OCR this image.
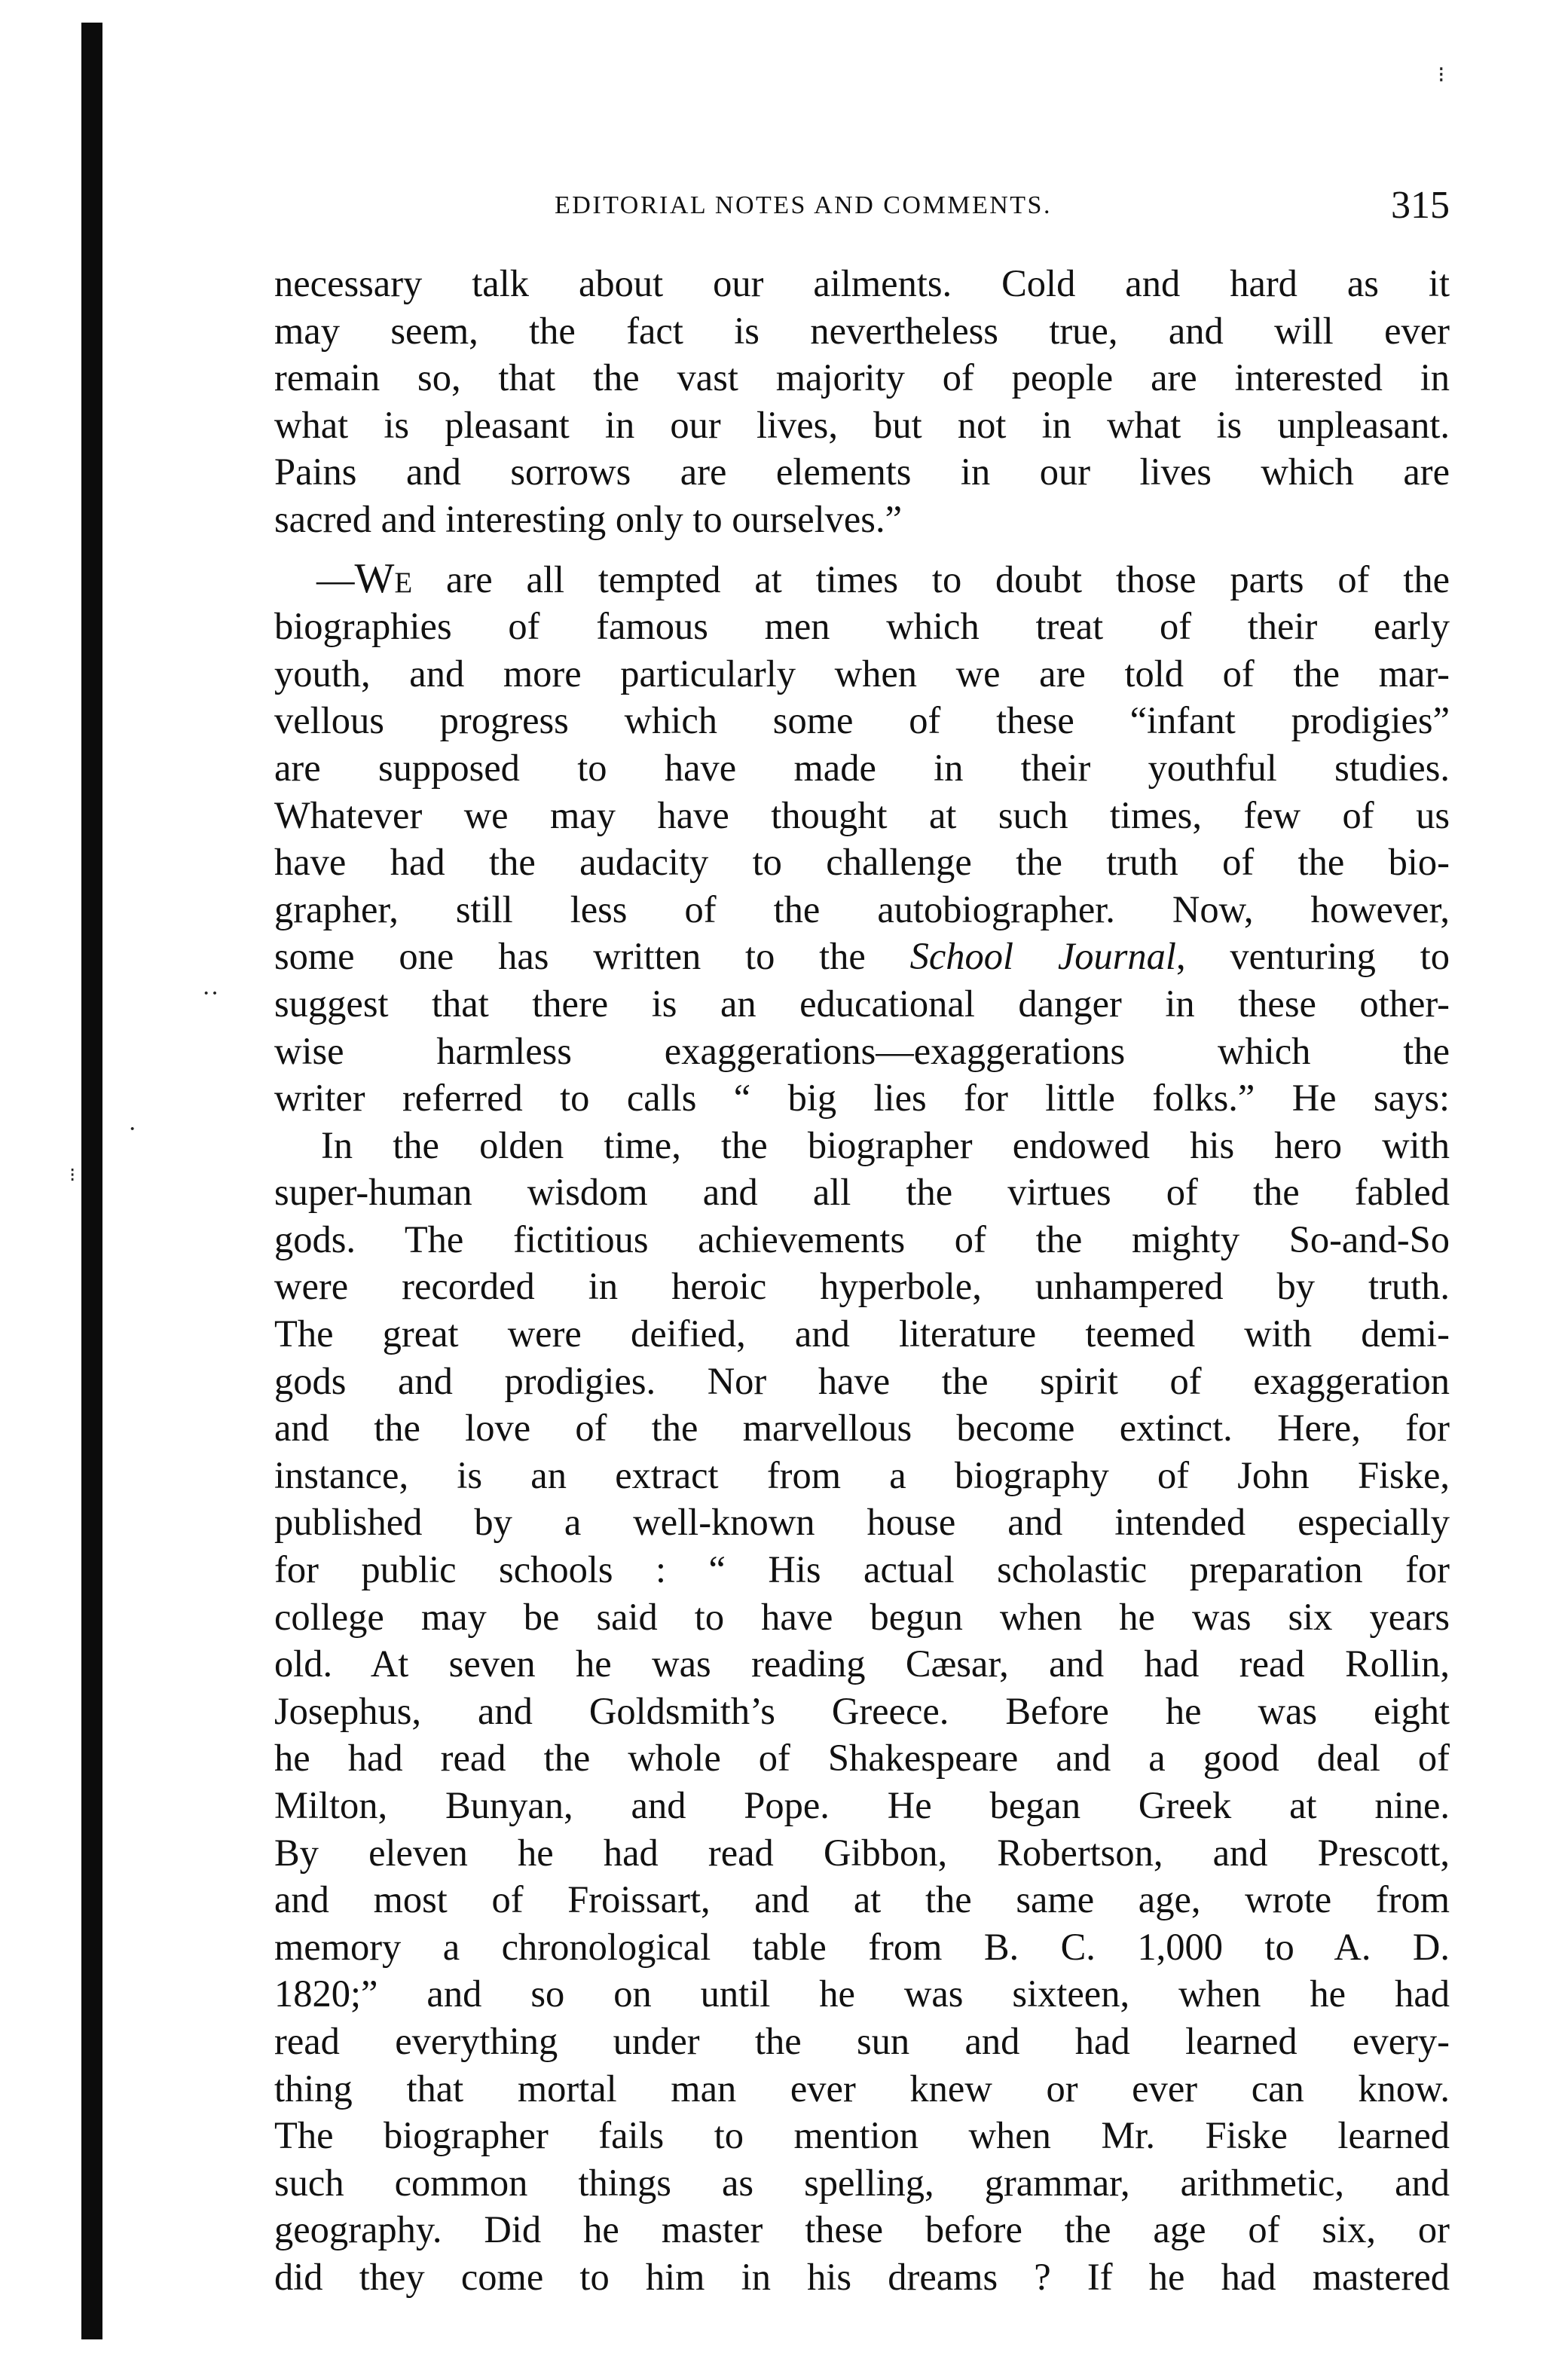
⁝
··
·
⁝
EDITORIAL NOTES AND COMMENTS.	315
necessary talk about our ailments. Cold and hard as it
may seem, the fact is nevertheless true, and will ever
remain so, that the vast majority of people are interested in
what is pleasant in our lives, but not in what is unpleasant.
Pains and sorrows are elements in our lives which are
sacred and interesting only to ourselves.”
—We are all tempted at times to doubt those parts of the
biographies of famous men which treat of their early
youth, and more particularly when we are told of the mar-
vellous progress which some of these “infant prodigies”
are supposed to have made in their youthful studies.
Whatever we may have thought at such times, few of us
have had the audacity to challenge the truth of the bio-
grapher, still less of the autobiographer. Now, however,
some one has written to the School Journal, venturing to
suggest that there is an educational danger in these other-
wise harmless exaggerations—exaggerations which the
writer referred to calls “ big lies for little folks.” He says:
In the olden time, the biographer endowed his hero with
super-human wisdom and all the virtues of the fabled
gods. The fictitious achievements of the mighty So-and-So
were recorded in heroic hyperbole, unhampered by truth.
The great were deified, and literature teemed with demi-
gods and prodigies. Nor have the spirit of exaggeration
and the love of the marvellous become extinct. Here, for
instance, is an extract from a biography of John Fiske,
published by a well-known house and intended especially
for public schools : “ His actual scholastic preparation for
college may be said to have begun when he was six years
old. At seven he was reading Cæsar, and had read Rollin,
Josephus, and Goldsmith’s Greece. Before he was eight
he had read the whole of Shakespeare and a good deal of
Milton, Bunyan, and Pope. He began Greek at nine.
By eleven he had read Gibbon, Robertson, and Prescott,
and most of Froissart, and at the same age, wrote from
memory a chronological table from B. C. 1,000 to A. D.
1820;” and so on until he was sixteen, when he had
read everything under the sun and had learned every-
thing that mortal man ever knew or ever can know.
The biographer fails to mention when Mr. Fiske learned
such common things as spelling, grammar, arithmetic, and
geography. Did he master these before the age of six, or
did they come to him in his dreams ? If he had mastered
